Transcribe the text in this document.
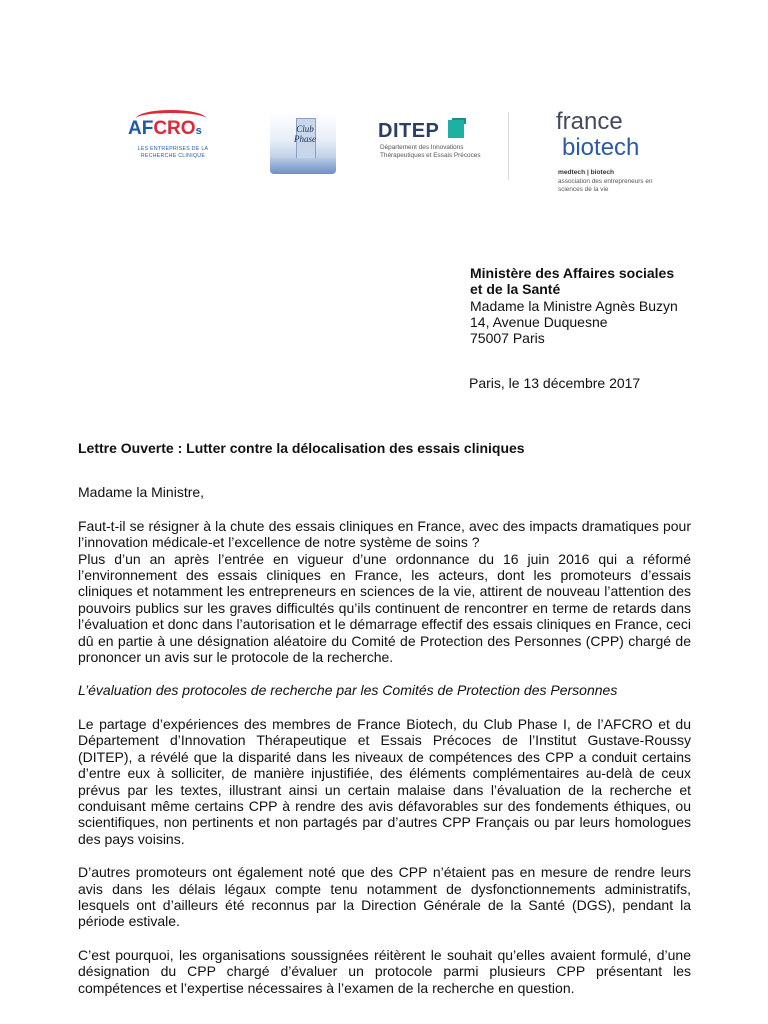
AFCROs
LES ENTREPRISES DE LA RECHERCHE CLINIQUE
Club Phase	DITEP
Département des Innovations Thérapeutiques et Essais Précoces
france
biotech
medtech | biotech
association des entrepreneurs en sciences de la vie
Ministère des Affaires sociales
et de la Santé
Madame la Ministre Agnès Buzyn
14, Avenue Duquesne
75007 Paris
Paris, le 13 décembre 2017

Lettre Ouverte : Lutter contre la délocalisation des essais cliniques

Madame la Ministre,

Faut-t-il se résigner à la chute des essais cliniques en France, avec des impacts dramatiques pour l’innovation médicale-et l’excellence de notre système de soins ?

Plus d’un an après l’entrée en vigueur d’une ordonnance du 16 juin 2016 qui a réformé l’environnement des essais cliniques en France, les acteurs, dont les promoteurs d’essais cliniques et notamment les entrepreneurs en sciences de la vie, attirent de nouveau l’attention des pouvoirs publics sur les graves difficultés qu’ils continuent de rencontrer en terme de retards dans l’évaluation et donc dans l’autorisation et le démarrage effectif des essais cliniques en France, ceci dû en partie à une désignation aléatoire du Comité de Protection des Personnes (CPP) chargé de prononcer un avis sur le protocole de la recherche.

L’évaluation des protocoles de recherche par les Comités de Protection des Personnes

Le partage d’expériences des membres de France Biotech, du Club Phase I, de l’AFCRO et du Département d’Innovation Thérapeutique et Essais Précoces de l’Institut Gustave-Roussy (DITEP), a révélé que la disparité dans les niveaux de compétences des CPP a conduit certains d’entre eux à solliciter, de manière injustifiée, des éléments complémentaires au-delà de ceux prévus par les textes, illustrant ainsi un certain malaise dans l’évaluation de la recherche et conduisant même certains CPP à rendre des avis défavorables sur des fondements éthiques, ou scientifiques, non pertinents et non partagés par d’autres CPP Français ou par leurs homologues des pays voisins.

D’autres promoteurs ont également noté que des CPP n’étaient pas en mesure de rendre leurs avis dans les délais légaux compte tenu notamment de dysfonctionnements administratifs, lesquels ont d’ailleurs été reconnus par la Direction Générale de la Santé (DGS), pendant la période estivale.

C’est pourquoi, les organisations soussignées réitèrent le souhait qu’elles avaient formulé, d’une désignation du CPP chargé d’évaluer un protocole parmi plusieurs CPP présentant les compétences et l’expertise nécessaires à l’examen de la recherche en question.
